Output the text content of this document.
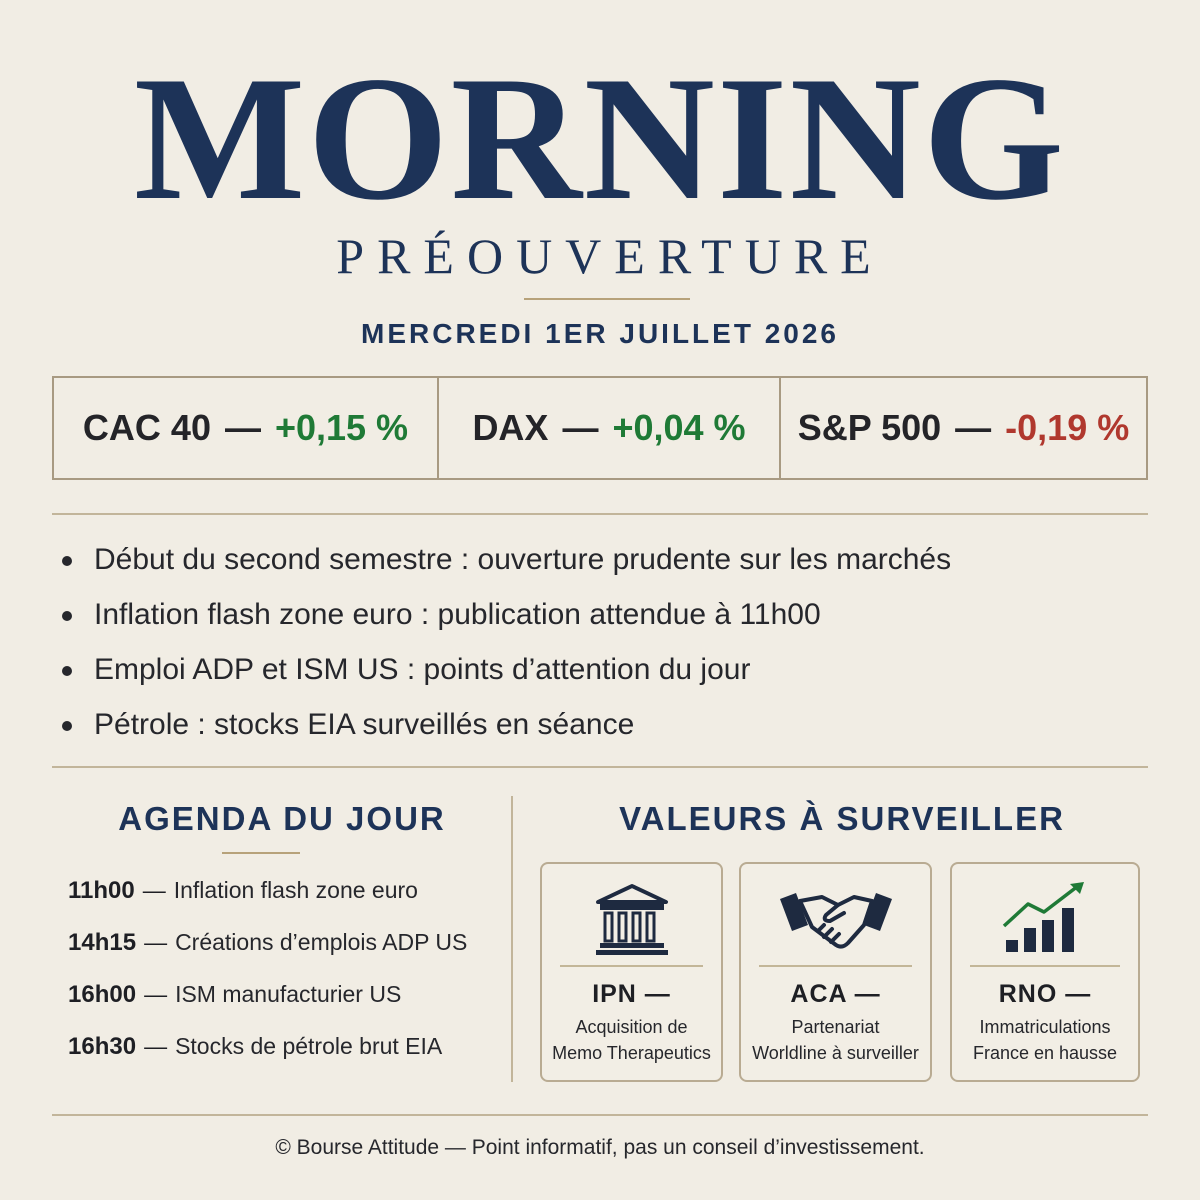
MORNING
PRÉOUVERTURE
MERCREDI 1ER JUILLET 2026
CAC 40 — +0,15 % DAX — +0,04 % S&P 500 — -0,19 %
Début du second semestre : ouverture prudente sur les marchés
Inflation flash zone euro : publication attendue à 11h00
Emploi ADP et ISM US : points d’attention du jour
Pétrole : stocks EIA surveillés en séance
AGENDA DU JOUR
11h00 — Inflation flash zone euro
14h15 — Créations d’emplois ADP US
16h00 — ISM manufacturier US
16h30 — Stocks de pétrole brut EIA
VALEURS À SURVEILLER
IPN —
Acquisition de
Memo Therapeutics
ACA —
Partenariat
Worldline à surveiller
RNO —
Immatriculations
France en hausse
© Bourse Attitude — Point informatif, pas un conseil d’investissement.
